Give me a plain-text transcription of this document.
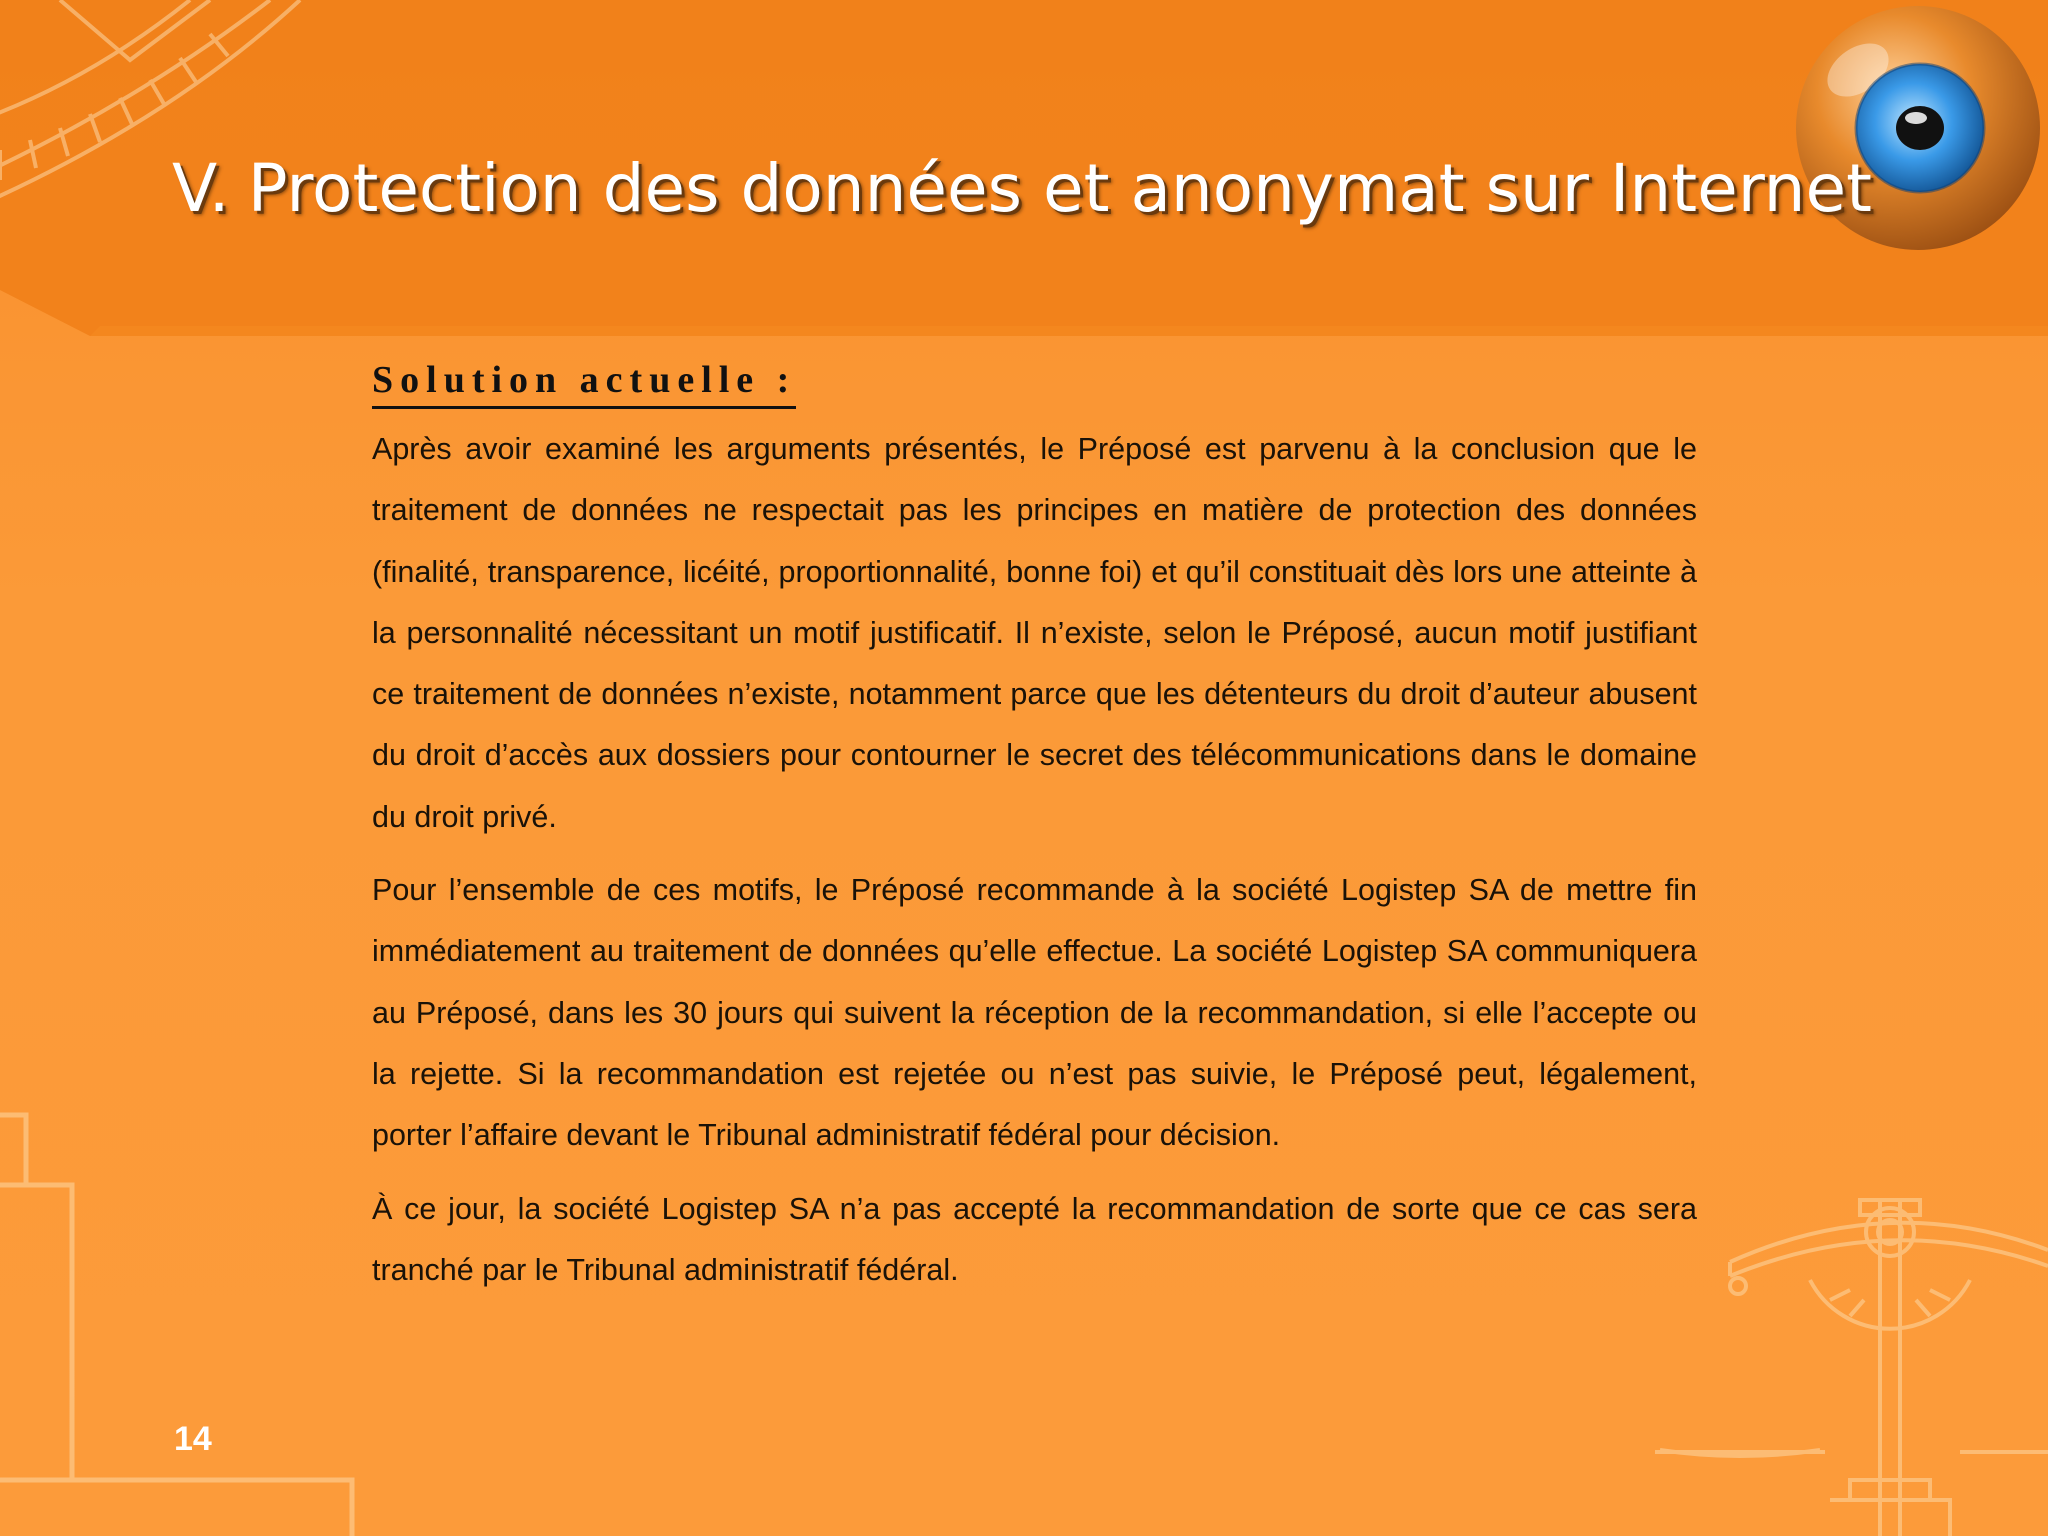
V. Protection des données et anonymat sur Internet
Solution actuelle :

Après avoir examiné les arguments présentés, le Préposé est parvenu à la conclusion que le traitement de données ne respectait pas les principes en matière de protection des données (finalité, transparence, licéité, proportionnalité, bonne foi) et qu’il constituait dès lors une atteinte à la personnalité nécessitant un motif justificatif. Il n’existe, selon le Préposé, aucun motif justifiant ce traitement de données n’existe, notamment parce que les détenteurs du droit d’auteur abusent du droit d’accès aux dossiers pour contourner le secret des télécommunications dans le domaine du droit privé.

Pour l’ensemble de ces motifs, le Préposé recommande à la société Logistep SA de mettre fin immédiatement au traitement de données qu’elle effectue. La société Logistep SA communiquera au Préposé, dans les 30 jours qui suivent la réception de la recommandation, si elle l’accepte ou la rejette. Si la recommandation est rejetée ou n’est pas suivie, le Préposé peut, légalement, porter l’affaire devant le Tribunal administratif fédéral pour décision.

À ce jour, la société Logistep SA n’a pas accepté la recommandation de sorte que ce cas sera tranché par le Tribunal administratif fédéral.

14
